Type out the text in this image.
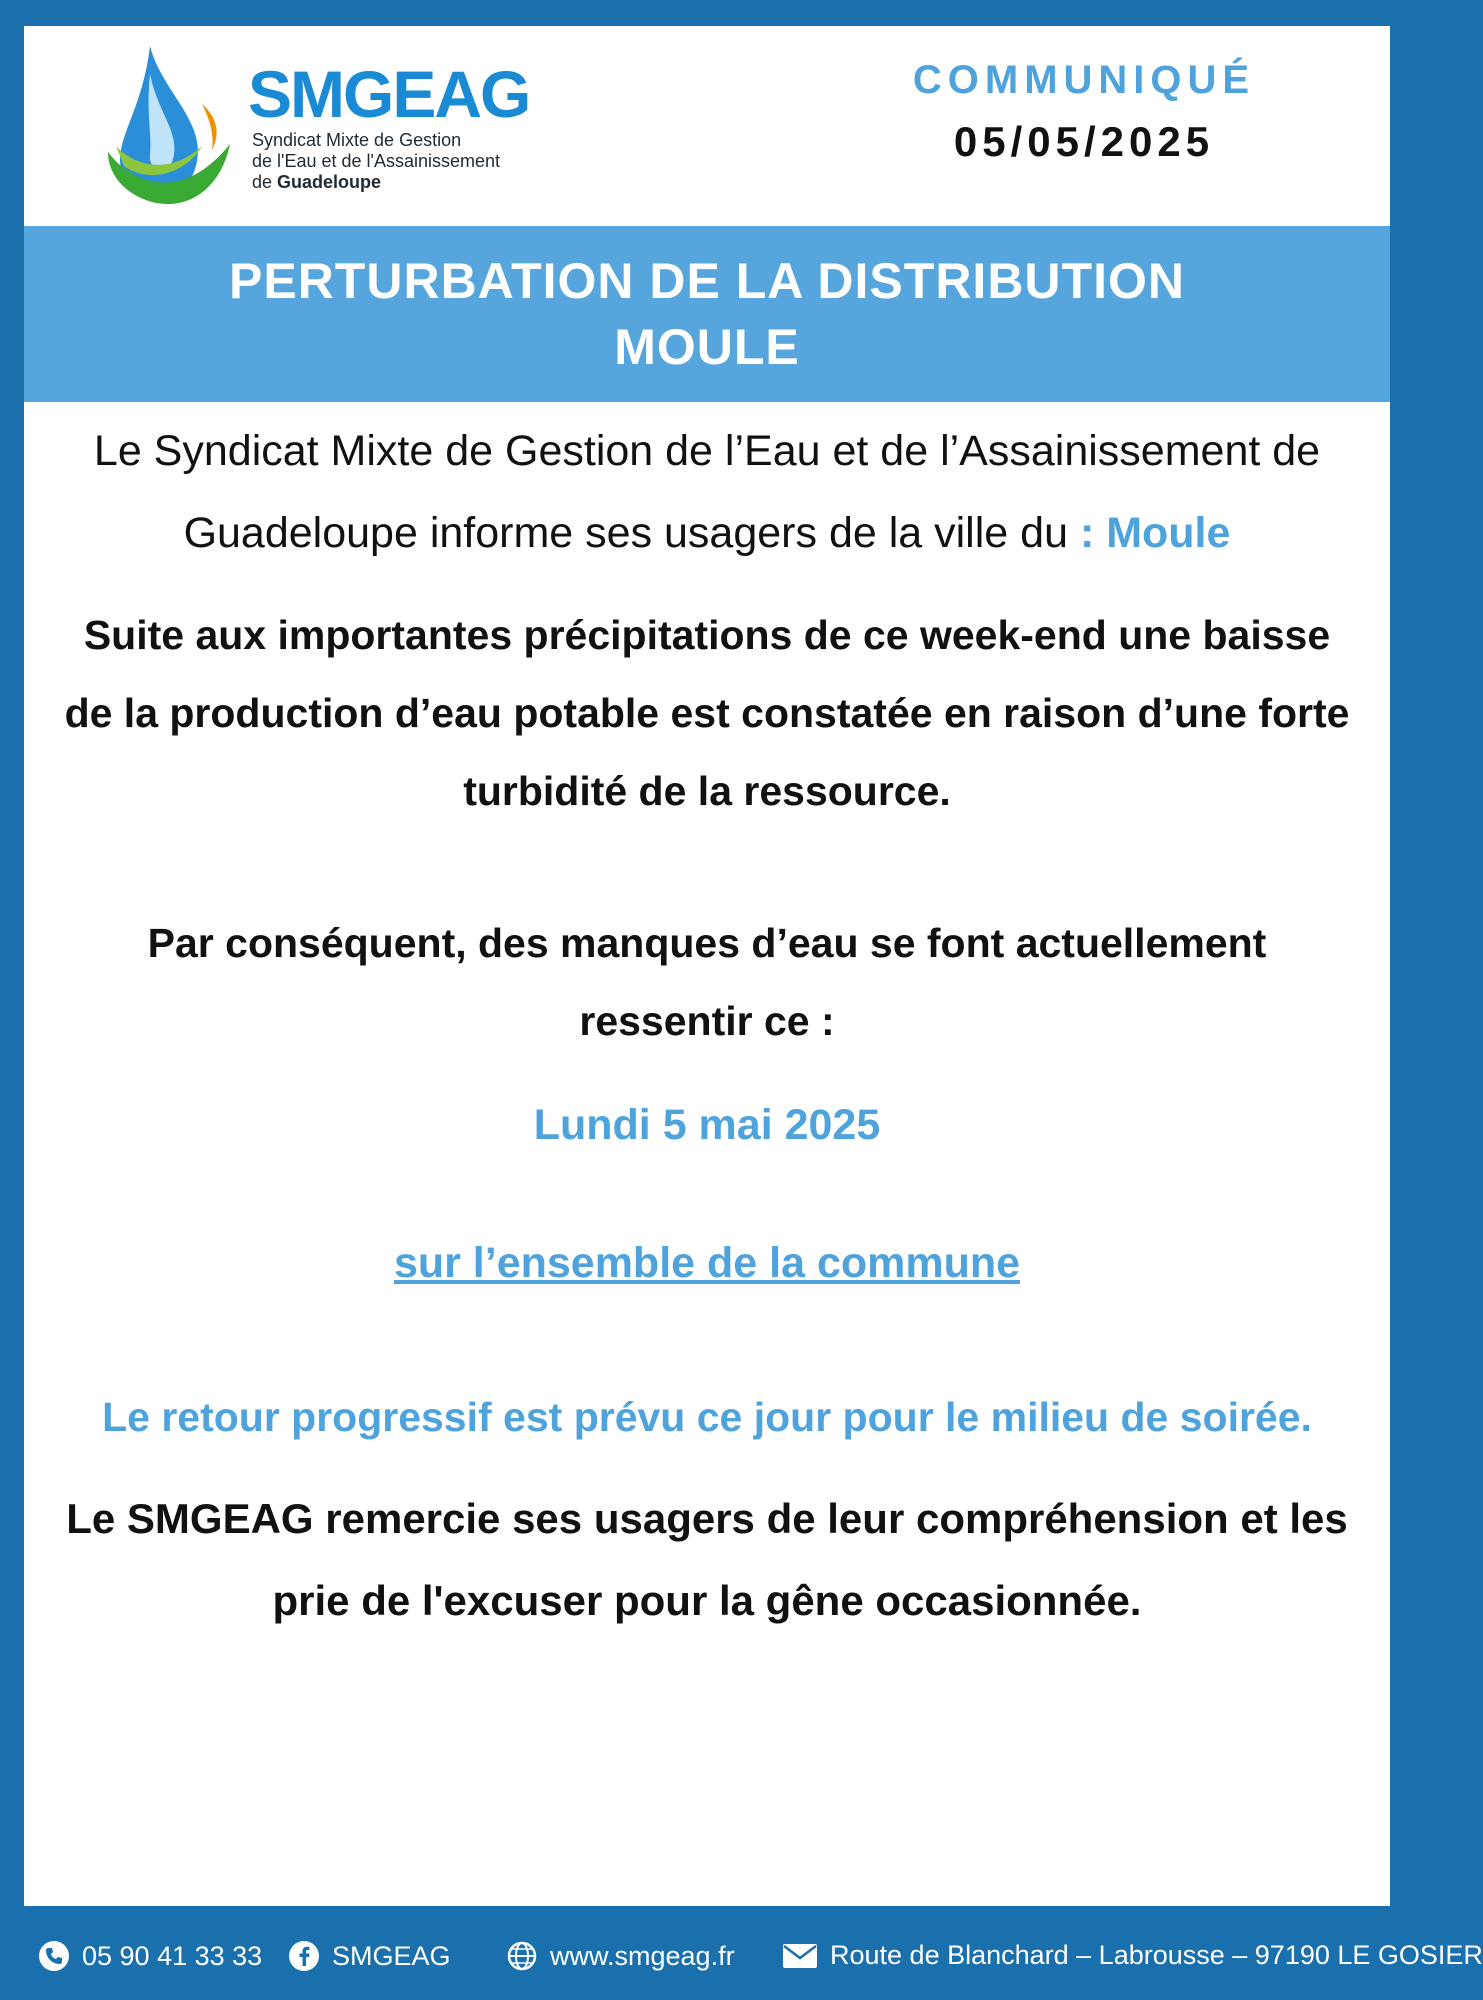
SMGEAG
Syndicat Mixte de Gestion
de l'Eau et de l'Assainissement
de Guadeloupe
COMMUNIQUÉ
05/05/2025
PERTURBATION DE LA DISTRIBUTION
MOULE

Le Syndicat Mixte de Gestion de l’Eau et de l’Assainissement de Guadeloupe informe ses usagers de la ville du : Moule

Suite aux importantes précipitations de ce week-end une baisse de la production d’eau potable est constatée en raison d’une forte turbidité de la ressource.

Par conséquent, des manques d’eau se font actuellement ressentir ce :

Lundi 5 mai 2025
sur l’ensemble de la commune
Le retour progressif est prévu ce jour pour le milieu de soirée.
Le SMGEAG remercie ses usagers de leur compréhension et les prie de l'excuser pour la gêne occasionnée.
05 90 41 33 33	SMGEAG	www.smgeag.fr	Route de Blanchard – Labrousse – 97190 LE GOSIER
